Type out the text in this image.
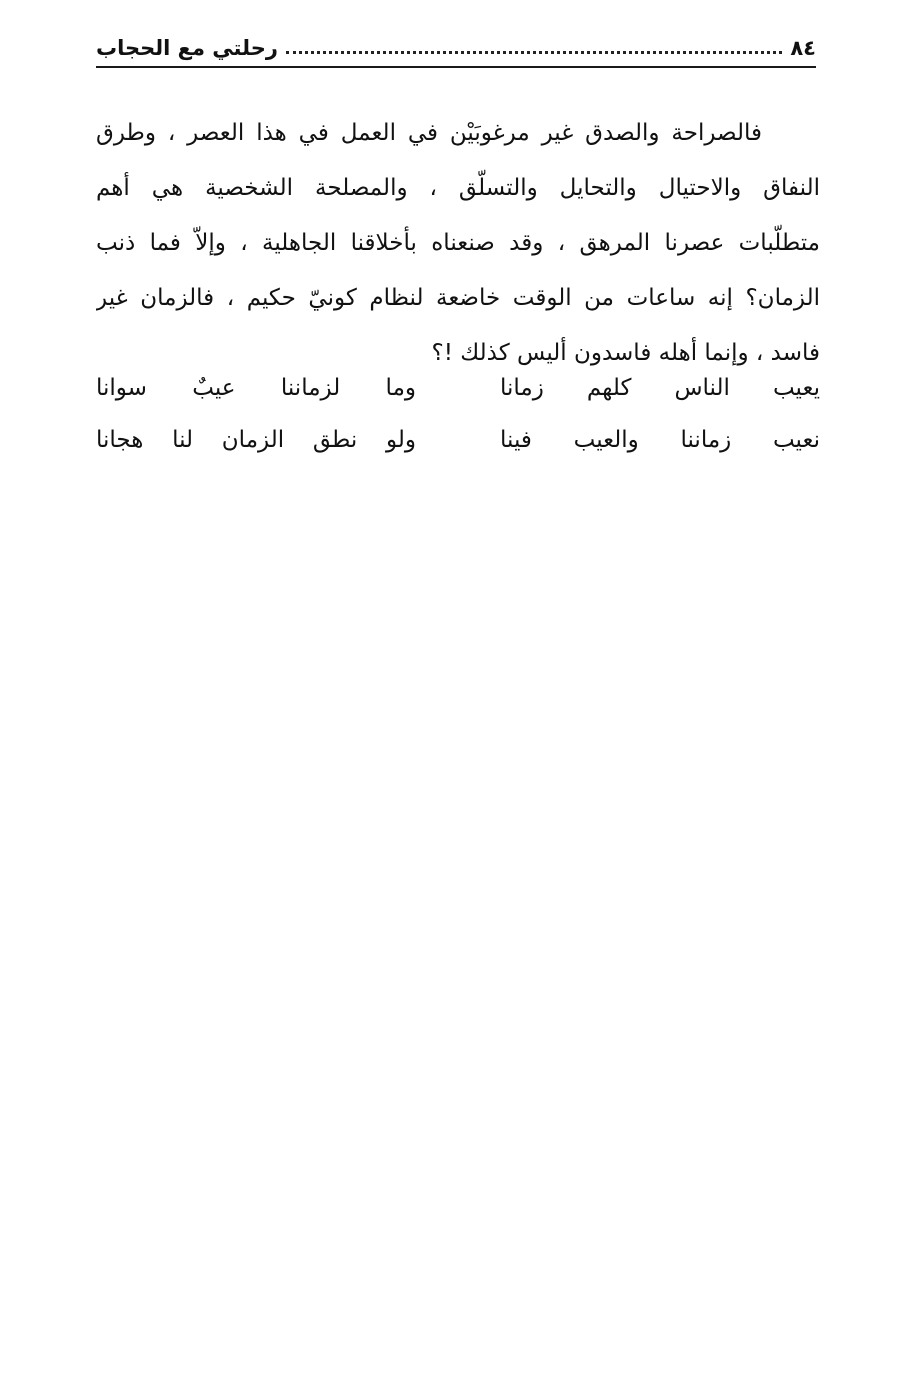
٨٤
رحلتي مع الحجاب
فالصراحة والصدق غير مرغوبَيْن في العمل في هذا العصر ، وطرق
النفاق والاحتيال والتحايل والتسلّق ، والمصلحة الشخصية هي أهم
متطلّبات عصرنا المرهق ، وقد صنعناه بأخلاقنا الجاهلية ، وإلاّ فما ذنب
الزمان؟ إنه ساعات من الوقت خاضعة لنظام كونيّ حكيم ، فالزمان غير
فاسد ، وإنما أهله فاسدون أليس كذلك !؟
يعيب الناس كلهم زمانا
وما لزماننا عيبٌ سوانا
نعيب زماننا والعيب فينا
ولو نطق الزمان لنا هجانا
